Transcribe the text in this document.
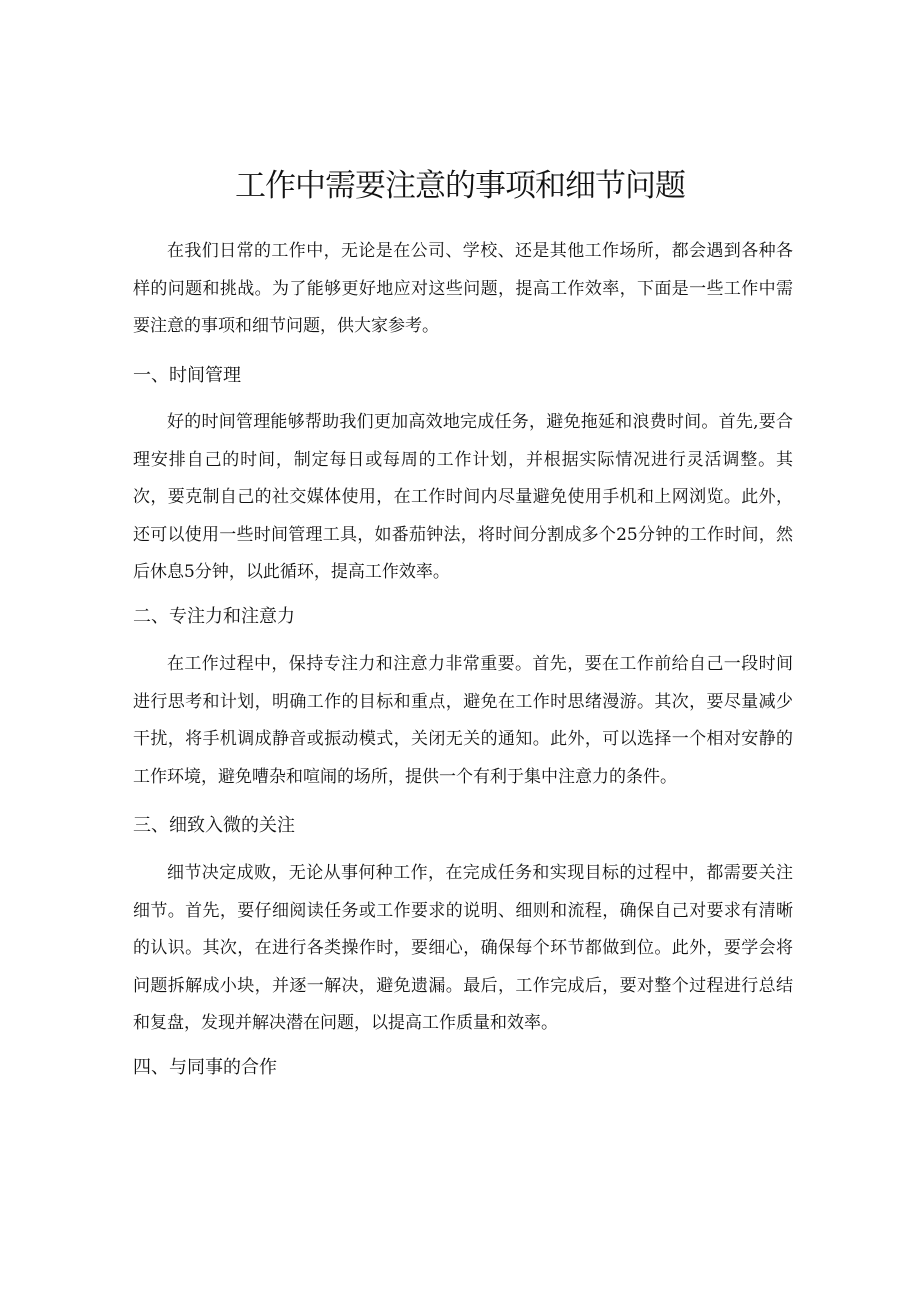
工作中需要注意的事项和细节问题

在我们日常的工作中，无论是在公司、学校、还是其他工作场所，都会遇到各种各样的问题和挑战。为了能够更好地应对这些问题，提高工作效率，下面是一些工作中需要注意的事项和细节问题，供大家参考。

一、时间管理

好的时间管理能够帮助我们更加高效地完成任务，避免拖延和浪费时间。首先,要合理安排自己的时间，制定每日或每周的工作计划，并根据实际情况进行灵活调整。其次，要克制自己的社交媒体使用，在工作时间内尽量避免使用手机和上网浏览。此外，还可以使用一些时间管理工具，如番茄钟法，将时间分割成多个25分钟的工作时间，然后休息5分钟，以此循环，提高工作效率。

二、专注力和注意力

在工作过程中，保持专注力和注意力非常重要。首先，要在工作前给自己一段时间进行思考和计划，明确工作的目标和重点，避免在工作时思绪漫游。其次，要尽量减少干扰，将手机调成静音或振动模式，关闭无关的通知。此外，可以选择一个相对安静的工作环境，避免嘈杂和喧闹的场所，提供一个有利于集中注意力的条件。

三、细致入微的关注

细节决定成败，无论从事何种工作，在完成任务和实现目标的过程中，都需要关注细节。首先，要仔细阅读任务或工作要求的说明、细则和流程，确保自己对要求有清晰的认识。其次，在进行各类操作时，要细心，确保每个环节都做到位。此外，要学会将问题拆解成小块，并逐一解决，避免遗漏。最后，工作完成后，要对整个过程进行总结和复盘，发现并解决潜在问题，以提高工作质量和效率。

四、与同事的合作
